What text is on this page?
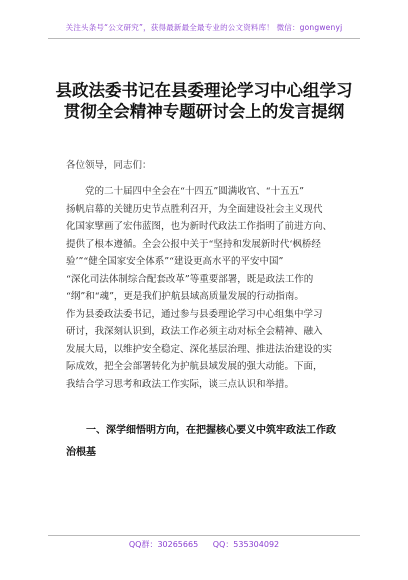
关注头条号“公文研究”，获得最新最全最专业的公文资料库！ 微信：gongwenyj
县政法委书记在县委理论学习中心组学习
贯彻全会精神专题研讨会上的发言提纲
各位领导，同志们：
　　党的二十届四中全会在“十四五”圆满收官、“十五五”
扬帆启幕的关键历史节点胜利召开，为全面建设社会主义现代
化国家擘画了宏伟蓝图，也为新时代政法工作指明了前进方向、
提供了根本遵循。全会公报中关于“坚持和发展新时代‘枫桥经
验’”“健全国家安全体系”“建设更高水平的平安中国”
“深化司法体制综合配套改革”等重要部署，既是政法工作的
“纲”和“魂”，更是我们护航县域高质量发展的行动指南。
作为县委政法委书记，通过参与县委理论学习中心组集中学习
研讨，我深刻认识到，政法工作必须主动对标全会精神、融入
发展大局，以维护安全稳定、深化基层治理、推进法治建设的实
际成效，把全会部署转化为护航县域发展的强大动能。下面，
我结合学习思考和政法工作实际，谈三点认识和举措。
　　一、深学细悟明方向，在把握核心要义中筑牢政法工作政
治根基
QQ群：30265665 QQ：535304092
